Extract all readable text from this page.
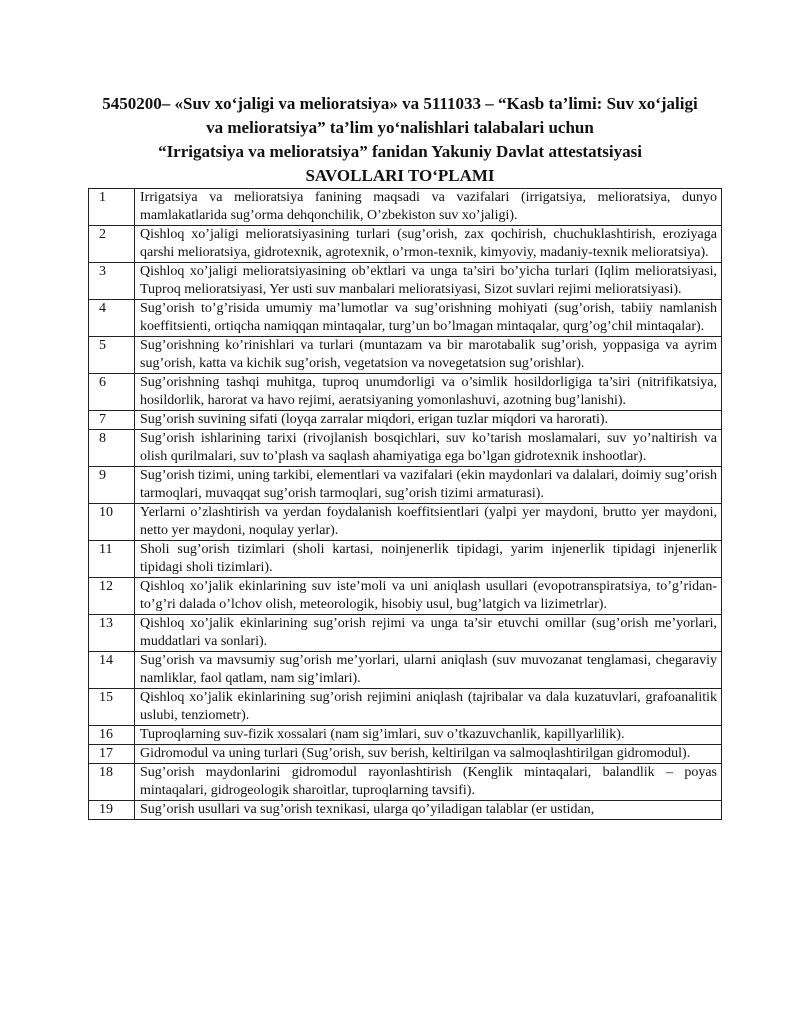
5450200– «Suv xo‘jaligi va melioratsiya» va 5111033 – “Kasb ta’limi: Suv xo‘jaligi
va melioratsiya” ta’lim yo‘nalishlari talabalari uchun
“Irrigatsiya va melioratsiya” fanidan Yakuniy Davlat attestatsiyasi
SAVOLLARI TO‘PLAMI
1	Irrigatsiya va melioratsiya fanining maqsadi va vazifalari (irrigatsiya, melioratsiya, dunyo mamlakatlarida sug’orma dehqonchilik, O’zbekiston suv xo’jaligi).
2	Qishloq xo’jaligi melioratsiyasining turlari (sug’orish, zax qochirish, chuchuklashtirish, eroziyaga qarshi melioratsiya, gidrotexnik, agrotexnik, o’rmon-texnik, kimyoviy, madaniy-texnik melioratsiya).
3	Qishloq xo’jaligi melioratsiyasining ob’ektlari va unga ta’siri bo’yicha turlari (Iqlim melioratsiyasi, Tuproq melioratsiyasi, Yer usti suv manbalari melioratsiyasi, Sizot suvlari rejimi melioratsiyasi).
4	Sug’orish to’g’risida umumiy ma’lumotlar va sug’orishning mohiyati (sug’orish, tabiiy namlanish koeffitsienti, ortiqcha namiqqan mintaqalar, turg’un bo’lmagan mintaqalar, qurg’og’chil mintaqalar).
5	Sug’orishning ko’rinishlari va turlari (muntazam va bir marotabalik sug’orish, yoppasiga va ayrim sug’orish, katta va kichik sug’orish, vegetatsion va novegetatsion sug’orishlar).
6	Sug’orishning tashqi muhitga, tuproq unumdorligi va o’simlik hosildorligiga ta’siri (nitrifikatsiya, hosildorlik, harorat va havo rejimi, aeratsiyaning yomonlashuvi, azotning bug’lanishi).
7	Sug’orish suvining sifati (loyqa zarralar miqdori, erigan tuzlar miqdori va harorati).
8	Sug’orish ishlarining tarixi (rivojlanish bosqichlari, suv ko’tarish moslamalari, suv yo’naltirish va olish qurilmalari, suv to’plash va saqlash ahamiyatiga ega bo’lgan gidrotexnik inshootlar).
9	Sug’orish tizimi, uning tarkibi, elementlari va vazifalari (ekin maydonlari va dalalari, doimiy sug’orish tarmoqlari, muvaqqat sug’orish tarmoqlari, sug’orish tizimi armaturasi).
10	Yerlarni o’zlashtirish va yerdan foydalanish koeffitsientlari (yalpi yer maydoni, brutto yer maydoni, netto yer maydoni, noqulay yerlar).
11	Sholi sug’orish tizimlari (sholi kartasi, noinjenerlik tipidagi, yarim injenerlik tipidagi injenerlik tipidagi sholi tizimlari).
12	Qishloq xo’jalik ekinlarining suv iste’moli va uni aniqlash usullari (evopotranspiratsiya, to’g’ridan-to’g’ri dalada o’lchov olish, meteorologik, hisobiy usul, bug’latgich va lizimetrlar).
13	Qishloq xo’jalik ekinlarining sug’orish rejimi va unga ta’sir etuvchi omillar (sug’orish me’yorlari, muddatlari va sonlari).
14	Sug’orish va mavsumiy sug’orish me’yorlari, ularni aniqlash (suv muvozanat tenglamasi, chegaraviy namliklar, faol qatlam, nam sig’imlari).
15	Qishloq xo’jalik ekinlarining sug’orish rejimini aniqlash (tajribalar va dala kuzatuvlari, grafoanalitik uslubi, tenziometr).
16	Tuproqlarning suv-fizik xossalari (nam sig’imlari, suv o’tkazuvchanlik, kapillyarlilik).
17	Gidromodul va uning turlari (Sug’orish, suv berish, keltirilgan va salmoqlashtirilgan gidromodul).
18	Sug’orish maydonlarini gidromodul rayonlashtirish (Kenglik mintaqalari, balandlik – poyas mintaqalari, gidrogeologik sharoitlar, tuproqlarning tavsifi).
19	Sug’orish usullari va sug’orish texnikasi, ularga qo’yiladigan talablar (er ustidan,
